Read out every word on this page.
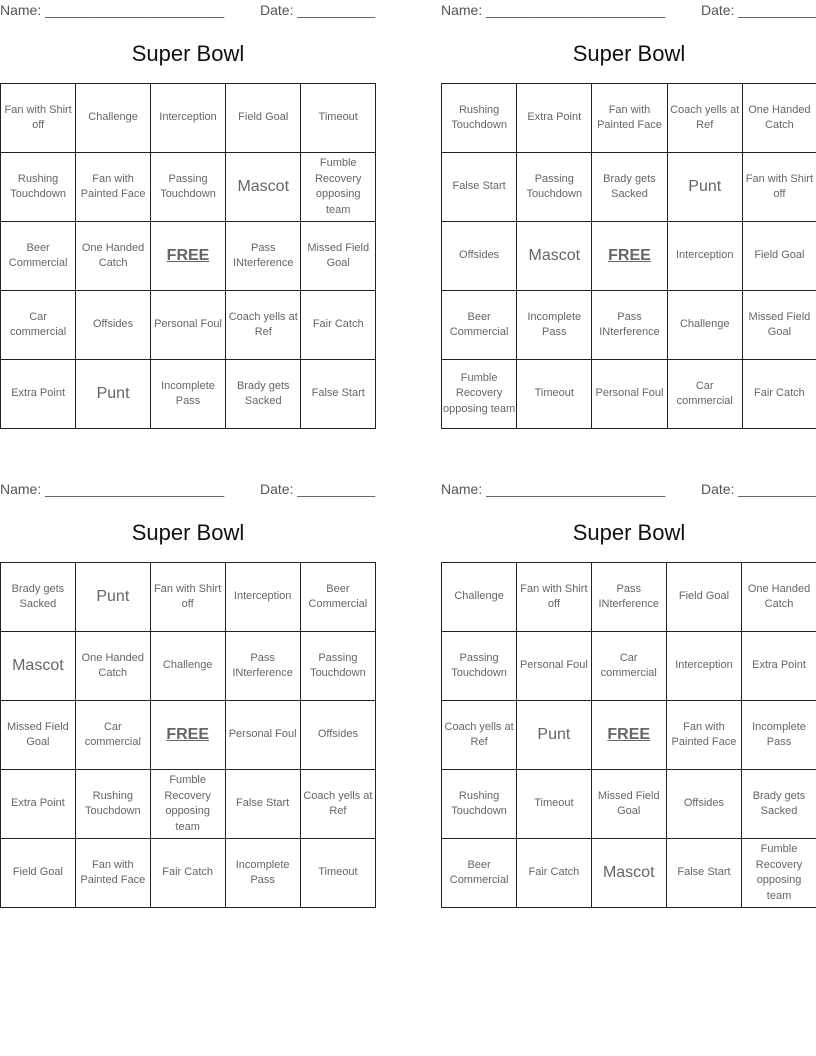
Name: _______________________	Date: __________
Super Bowl
Fan with Shirt off	Challenge	Interception	Field Goal	Timeout
Rushing Touchdown	Fan with Painted Face	Passing Touchdown	Mascot	Fumble Recovery opposing team
Beer Commercial	One Handed Catch	FREE	Pass INterference	Missed Field Goal
Car commercial	Offsides	Personal Foul	Coach yells at Ref	Fair Catch
Extra Point	Punt	Incomplete Pass	Brady gets Sacked	False Start
Name: _______________________	Date: __________
Super Bowl
Rushing Touchdown	Extra Point	Fan with Painted Face	Coach yells at Ref	One Handed Catch
False Start	Passing Touchdown	Brady gets Sacked	Punt	Fan with Shirt off
Offsides	Mascot	FREE	Interception	Field Goal
Beer Commercial	Incomplete Pass	Pass INterference	Challenge	Missed Field Goal
Fumble Recovery opposing team	Timeout	Personal Foul	Car commercial	Fair Catch
Name: _______________________	Date: __________
Super Bowl
Brady gets Sacked	Punt	Fan with Shirt off	Interception	Beer Commercial
Mascot	One Handed Catch	Challenge	Pass INterference	Passing Touchdown
Missed Field Goal	Car commercial	FREE	Personal Foul	Offsides
Extra Point	Rushing Touchdown	Fumble Recovery opposing team	False Start	Coach yells at Ref
Field Goal	Fan with Painted Face	Fair Catch	Incomplete Pass	Timeout
Name: _______________________	Date: __________
Super Bowl
Challenge	Fan with Shirt off	Pass INterference	Field Goal	One Handed Catch
Passing Touchdown	Personal Foul	Car commercial	Interception	Extra Point
Coach yells at Ref	Punt	FREE	Fan with Painted Face	Incomplete Pass
Rushing Touchdown	Timeout	Missed Field Goal	Offsides	Brady gets Sacked
Beer Commercial	Fair Catch	Mascot	False Start	Fumble Recovery opposing team
